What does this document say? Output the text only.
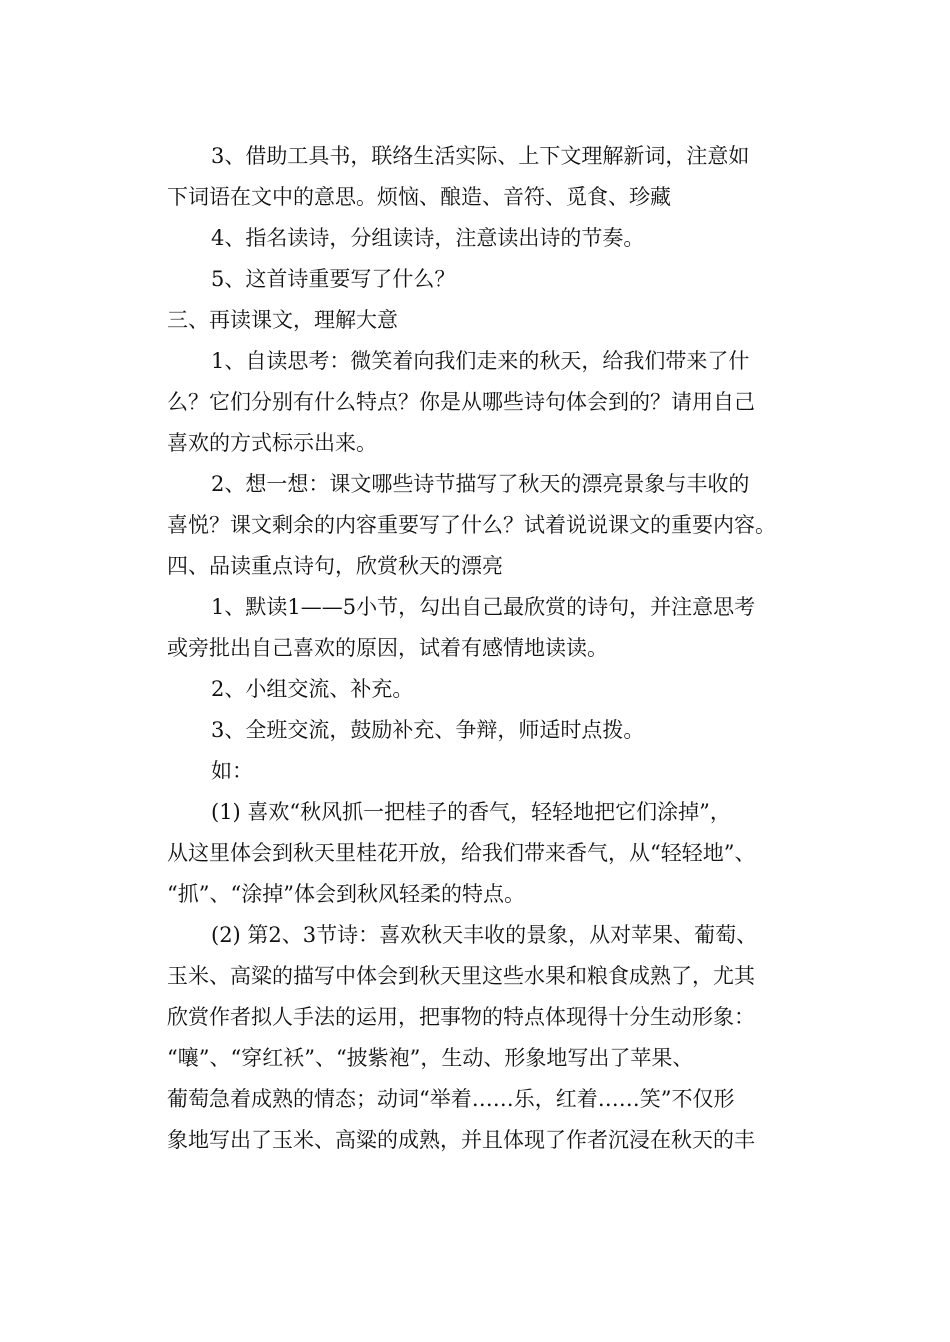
3、借助工具书，联络生活实际、上下文理解新词，注意如
下词语在文中的意思。烦恼、酿造、音符、觅食、珍藏
4、指名读诗，分组读诗，注意读出诗的节奏。
5、这首诗重要写了什么？
三、再读课文，理解大意
1、自读思考：微笑着向我们走来的秋天，给我们带来了什
么？它们分别有什么特点？你是从哪些诗句体会到的？请用自己
喜欢的方式标示出来。
2、想一想：课文哪些诗节描写了秋天的漂亮景象与丰收的
喜悦？课文剩余的内容重要写了什么？试着说说课文的重要内容。
四、品读重点诗句，欣赏秋天的漂亮
1、默读1——5小节，勾出自己最欣赏的诗句，并注意思考
或旁批出自己喜欢的原因，试着有感情地读读。
2、小组交流、补充。
3、全班交流，鼓励补充、争辩，师适时点拨。
如：
(1) 喜欢“秋风抓一把桂子的香气，轻轻地把它们涂掉”，
从这里体会到秋天里桂花开放，给我们带来香气，从“轻轻地”、
“抓”、“涂掉”体会到秋风轻柔的特点。
(2) 第2、3节诗：喜欢秋天丰收的景象，从对苹果、葡萄、
玉米、高粱的描写中体会到秋天里这些水果和粮食成熟了，尤其
欣赏作者拟人手法的运用，把事物的特点体现得十分生动形象：
“嚷”、“穿红袄”、“披紫袍”，生动、形象地写出了苹果、
葡萄急着成熟的情态；动词“举着……乐，红着……笑”不仅形
象地写出了玉米、高粱的成熟，并且体现了作者沉浸在秋天的丰
